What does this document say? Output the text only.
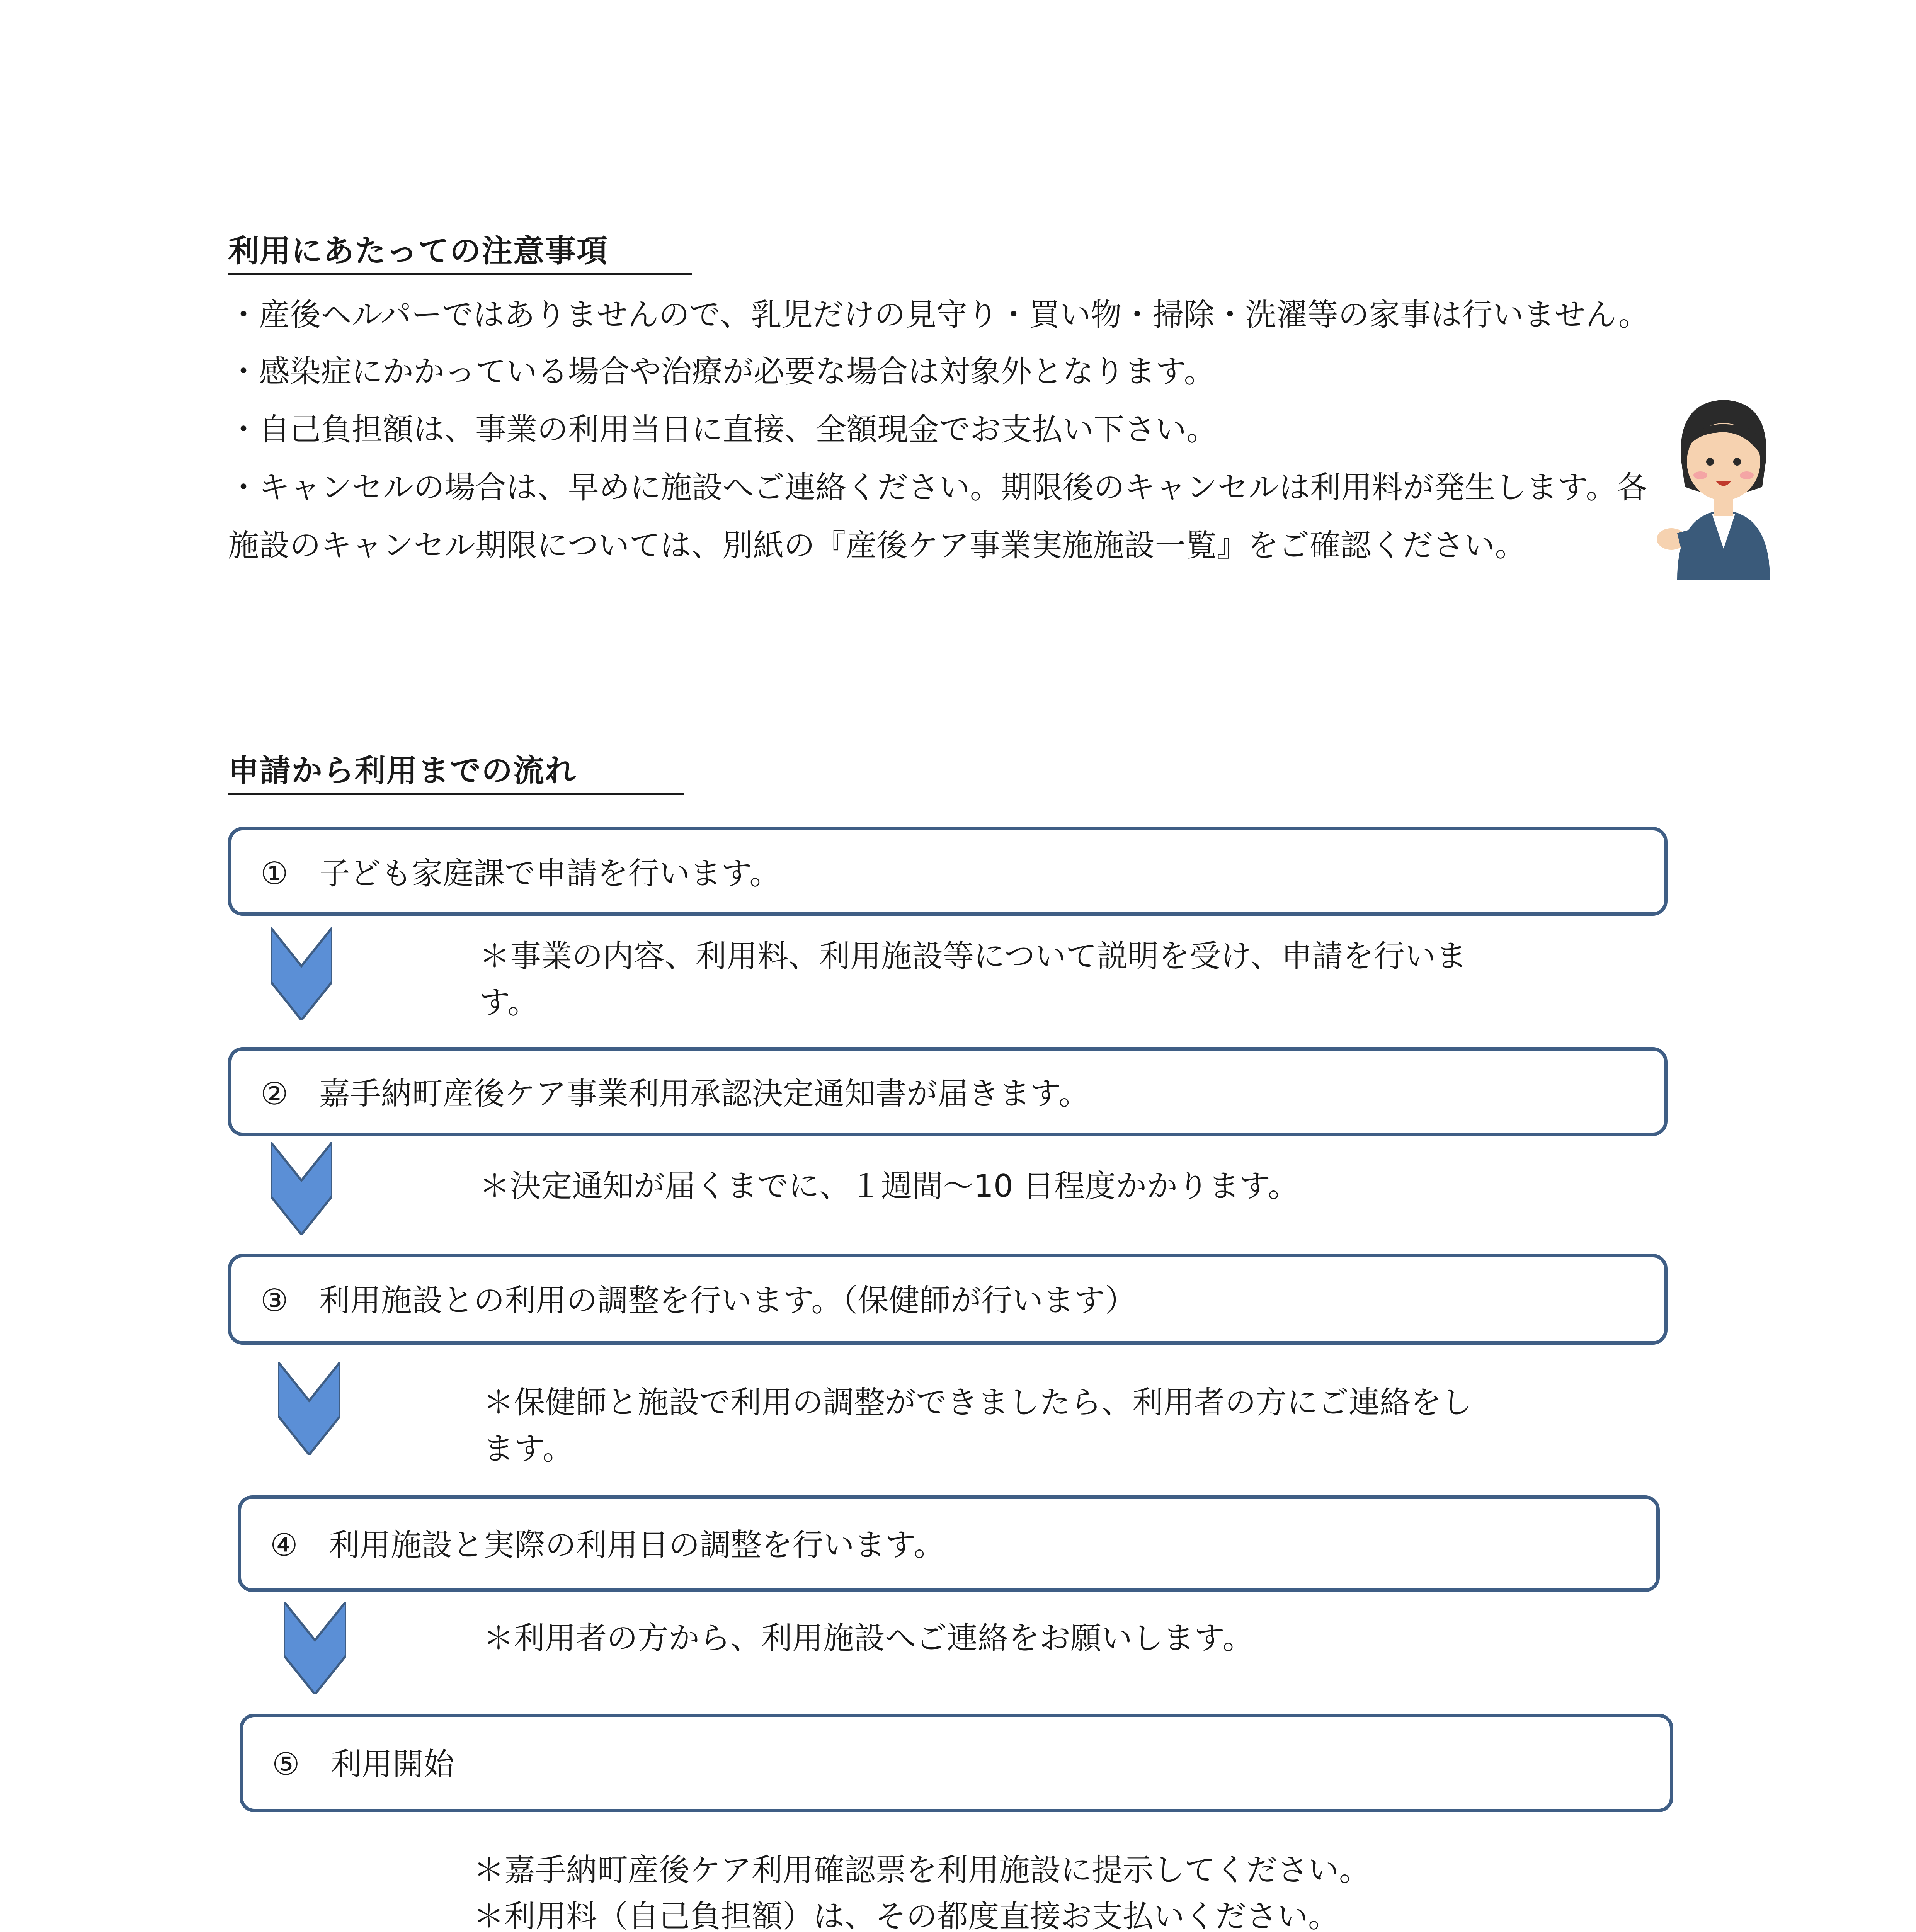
利用にあたっての注意事項
・産後ヘルパーではありませんので、乳児だけの見守り・買い物・掃除・洗濯等の家事は行いません。
・感染症にかかっている場合や治療が必要な場合は対象外となります。
・自己負担額は、事業の利用当日に直接、全額現金でお支払い下さい。
・キャンセルの場合は、早めに施設へご連絡ください。期限後のキャンセルは利用料が発生します。各
施設のキャンセル期限については、別紙の『産後ケア事業実施施設一覧』をご確認ください。
申請から利用までの流れ
①　子ども家庭課で申請を行います。
＊事業の内容、利用料、利用施設等について説明を受け、申請を行いま
す。
②　嘉手納町産後ケア事業利用承認決定通知書が届きます。
＊決定通知が届くまでに、１週間～10 日程度かかります。
③　利用施設との利用の調整を行います。（保健師が行います）
＊保健師と施設で利用の調整ができましたら、利用者の方にご連絡をし
ます。
④　利用施設と実際の利用日の調整を行います。
＊利用者の方から、利用施設へご連絡をお願いします。
⑤　利用開始
＊嘉手納町産後ケア利用確認票を利用施設に提示してください。
＊利用料（自己負担額）は、その都度直接お支払いください。
